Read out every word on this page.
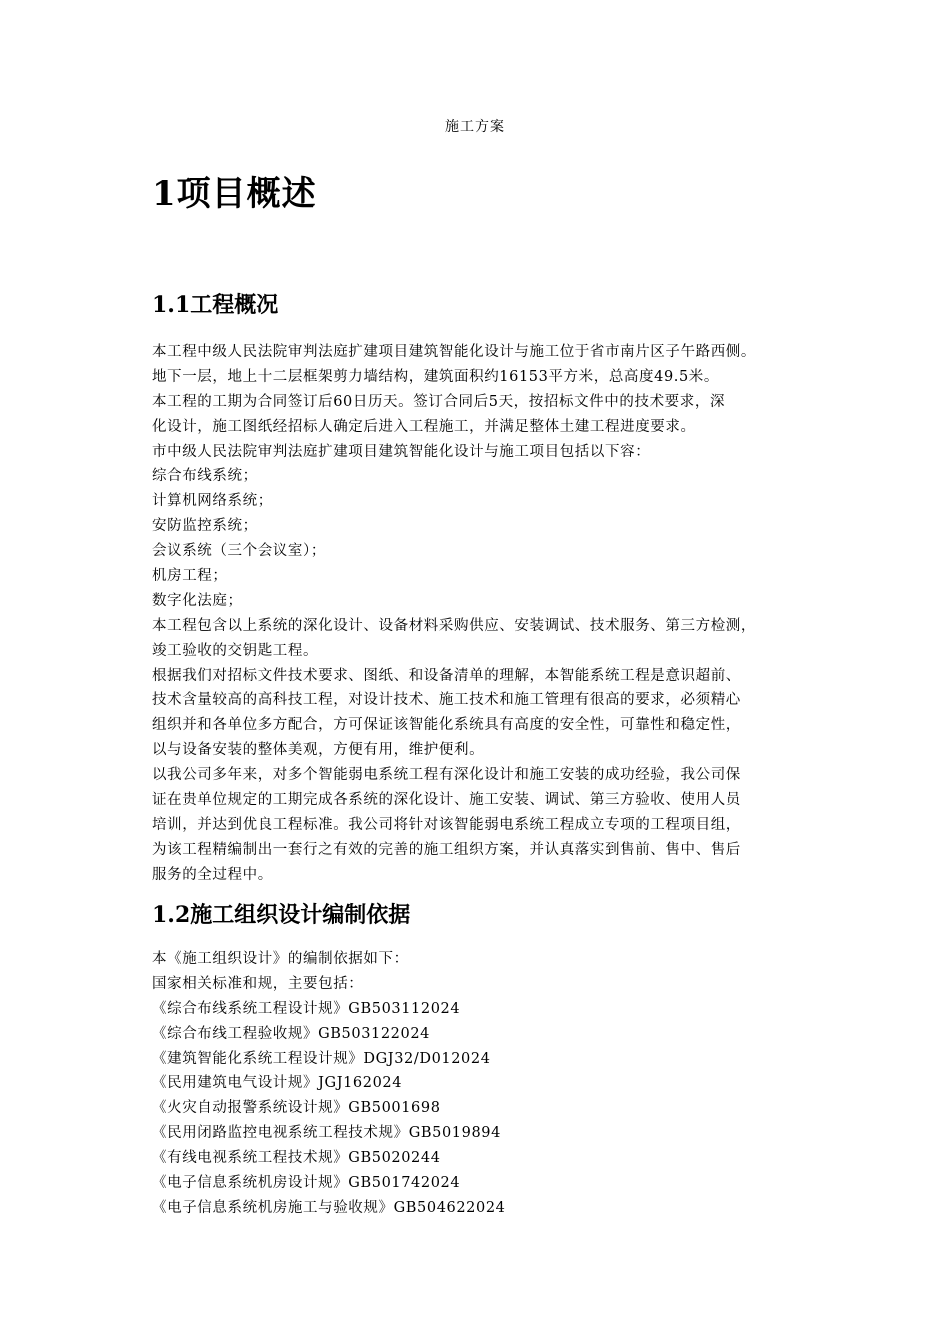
施工方案
1项目概述
1.1工程概况
本工程中级人民法院审判法庭扩建项目建筑智能化设计与施工位于省市南片区子午路西侧。
地下一层，地上十二层框架剪力墙结构，建筑面积约16153平方米，总高度49.5米。
本工程的工期为合同签订后60日历天。签订合同后5天，按招标文件中的技术要求，深
化设计，施工图纸经招标人确定后进入工程施工，并满足整体土建工程进度要求。
市中级人民法院审判法庭扩建项目建筑智能化设计与施工项目包括以下容：
综合布线系统；
计算机网络系统；
安防监控系统；
会议系统（三个会议室）；
机房工程；
数字化法庭；
本工程包含以上系统的深化设计、设备材料采购供应、安装调试、技术服务、第三方检测，
竣工验收的交钥匙工程。
根据我们对招标文件技术要求、图纸、和设备清单的理解，本智能系统工程是意识超前、
技术含量较高的高科技工程，对设计技术、施工技术和施工管理有很高的要求，必须精心
组织并和各单位多方配合，方可保证该智能化系统具有高度的安全性，可靠性和稳定性，
以与设备安装的整体美观，方便有用，维护便利。
以我公司多年来，对多个智能弱电系统工程有深化设计和施工安装的成功经验，我公司保
证在贵单位规定的工期完成各系统的深化设计、施工安装、调试、第三方验收、使用人员
培训，并达到优良工程标准。我公司将针对该智能弱电系统工程成立专项的工程项目组，
为该工程精编制出一套行之有效的完善的施工组织方案，并认真落实到售前、售中、售后
服务的全过程中。
1.2施工组织设计编制依据
本《施工组织设计》的编制依据如下：
国家相关标准和规，主要包括：
《综合布线系统工程设计规》GB503112024
《综合布线工程验收规》GB503122024
《建筑智能化系统工程设计规》DGJ32/D012024
《民用建筑电气设计规》JGJ162024
《火灾自动报警系统设计规》GB5001698
《民用闭路监控电视系统工程技术规》GB5019894
《有线电视系统工程技术规》GB5020244
《电子信息系统机房设计规》GB501742024
《电子信息系统机房施工与验收规》GB504622024
